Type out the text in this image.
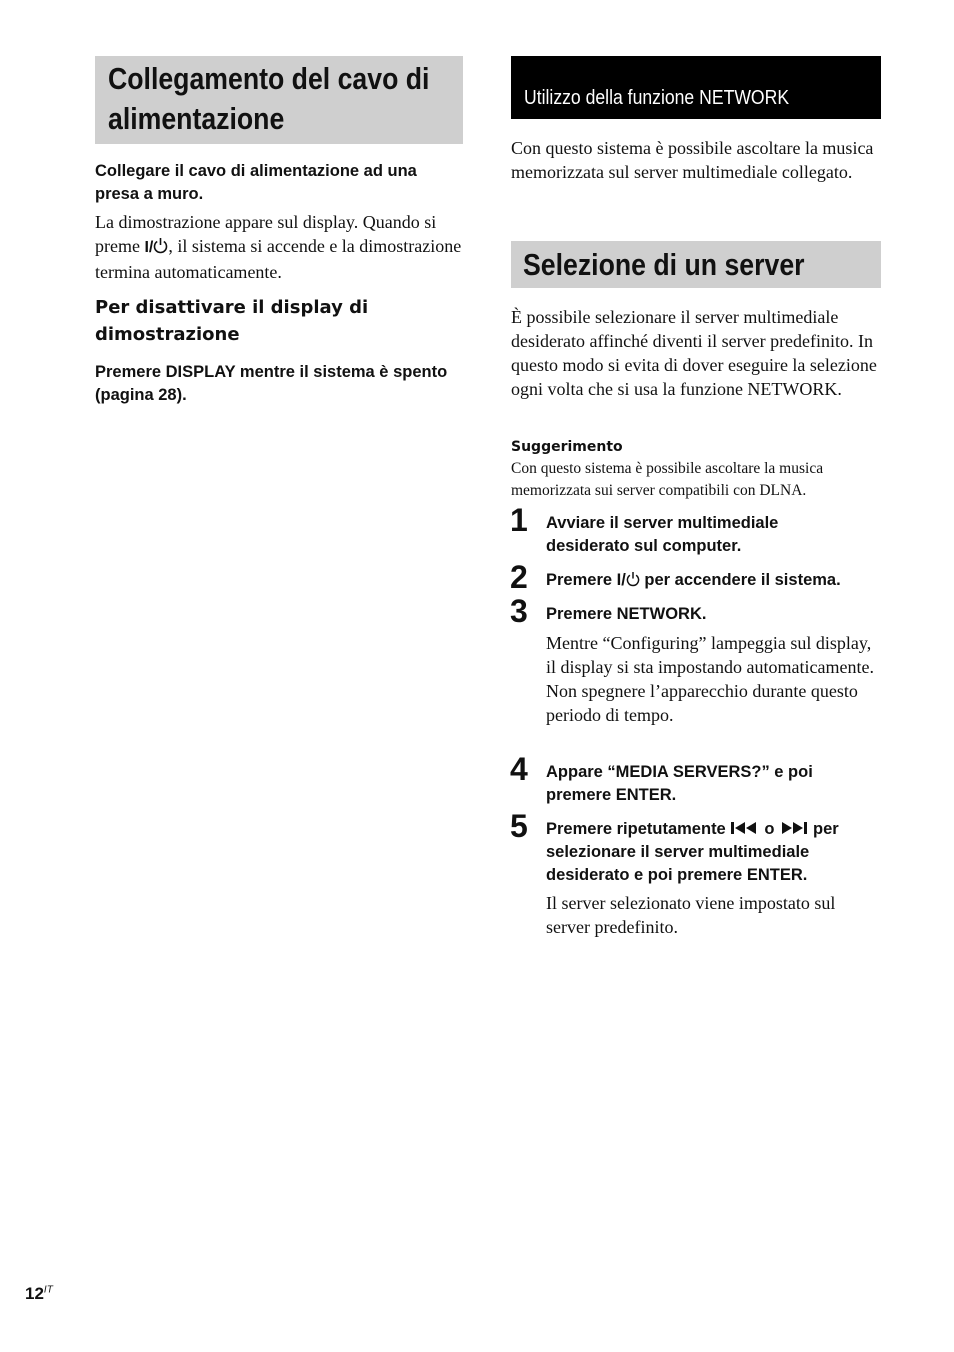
Collegamento del cavo di
alimentazione
Collegare il cavo di alimentazione ad una presa a muro.
La dimostrazione appare sul display. Quando si preme I/ , il sistema si accende e la dimostrazione termina automaticamente.
Per disattivare il display di dimostrazione
Premere DISPLAY mentre il sistema è spento (pagina 28).
Utilizzo della funzione NETWORK
Con questo sistema è possibile ascoltare la musica memorizzata sul server multimediale collegato.
Selezione di un server
È possibile selezionare il server multimediale desiderato affinché diventi il server predefinito. In questo modo si evita di dover eseguire la selezione ogni volta che si usa la funzione NETWORK.
Suggerimento
Con questo sistema è possibile ascoltare la musica memorizzata sui server compatibili con DLNA.
1 Avviare il server multimediale desiderato sul computer.
2 Premere I/ per accendere il sistema.
3 Premere NETWORK.
Mentre “Configuring” lampeggia sul display, il display si sta impostando automaticamente. Non spegnere l’apparecchio durante questo periodo di tempo.
4 Appare “MEDIA SERVERS?” e poi premere ENTER.
5 Premere ripetutamente o per selezionare il server multimediale desiderato e poi premere ENTER.
Il server selezionato viene impostato sul server predefinito.
$12^{IT}$
